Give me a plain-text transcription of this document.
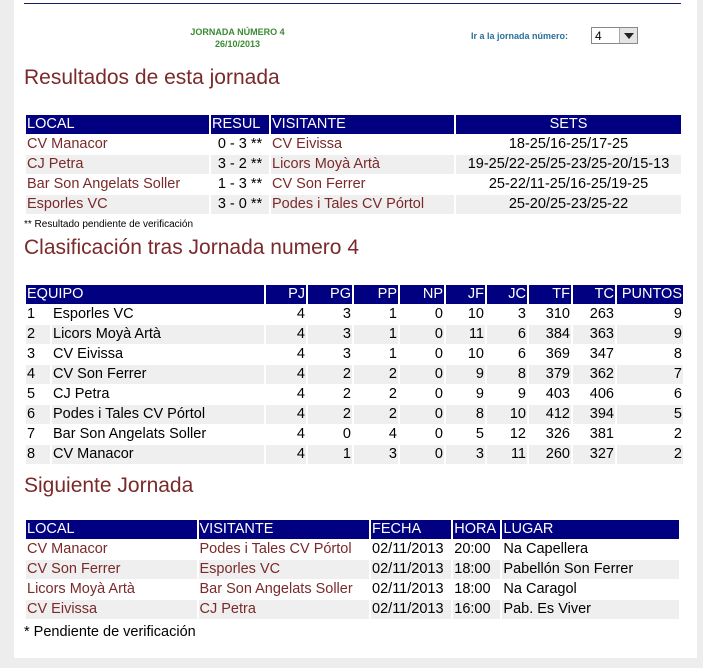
JORNADA NÚMERO 4
26/10/2013
Ir a la jornada número: 4
Resultados de esta jornada
LOCAL	RESUL	VISITANTE	SETS
CV Manacor	0 - 3 **	CV Eivissa	18-25/16-25/17-25
CJ Petra	3 - 2 **	Licors Moyà Artà	19-25/22-25/25-23/25-20/15-13
Bar Son Angelats Soller	1 - 3 **	CV Son Ferrer	25-22/11-25/16-25/19-25
Esporles VC	3 - 0 **	Podes i Tales CV Pórtol	25-20/25-23/25-22
** Resultado pendiente de verificación
Clasificación tras Jornada numero 4
EQUIPO		PJ	PG	PP	NP	JF	JC	TF	TC	PUNTOS
1	Esporles VC	4	3	1	0	10	3	310	263	9
2	Licors Moyà Artà	4	3	1	0	11	6	384	363	9
3	CV Eivissa	4	3	1	0	10	6	369	347	8
4	CV Son Ferrer	4	2	2	0	9	8	379	362	7
5	CJ Petra	4	2	2	0	9	9	403	406	6
6	Podes i Tales CV Pórtol	4	2	2	0	8	10	412	394	5
7	Bar Son Angelats Soller	4	0	4	0	5	12	326	381	2
8	CV Manacor	4	1	3	0	3	11	260	327	2
Siguiente Jornada
LOCAL	VISITANTE	FECHA	HORA	LUGAR
CV Manacor	Podes i Tales CV Pórtol	02/11/2013	20:00	Na Capellera
CV Son Ferrer	Esporles VC	02/11/2013	18:00	Pabellón Son Ferrer
Licors Moyà Artà	Bar Son Angelats Soller	02/11/2013	18:00	Na Caragol
CV Eivissa	CJ Petra	02/11/2013	16:00	Pab. Es Viver
* Pendiente de verificación
